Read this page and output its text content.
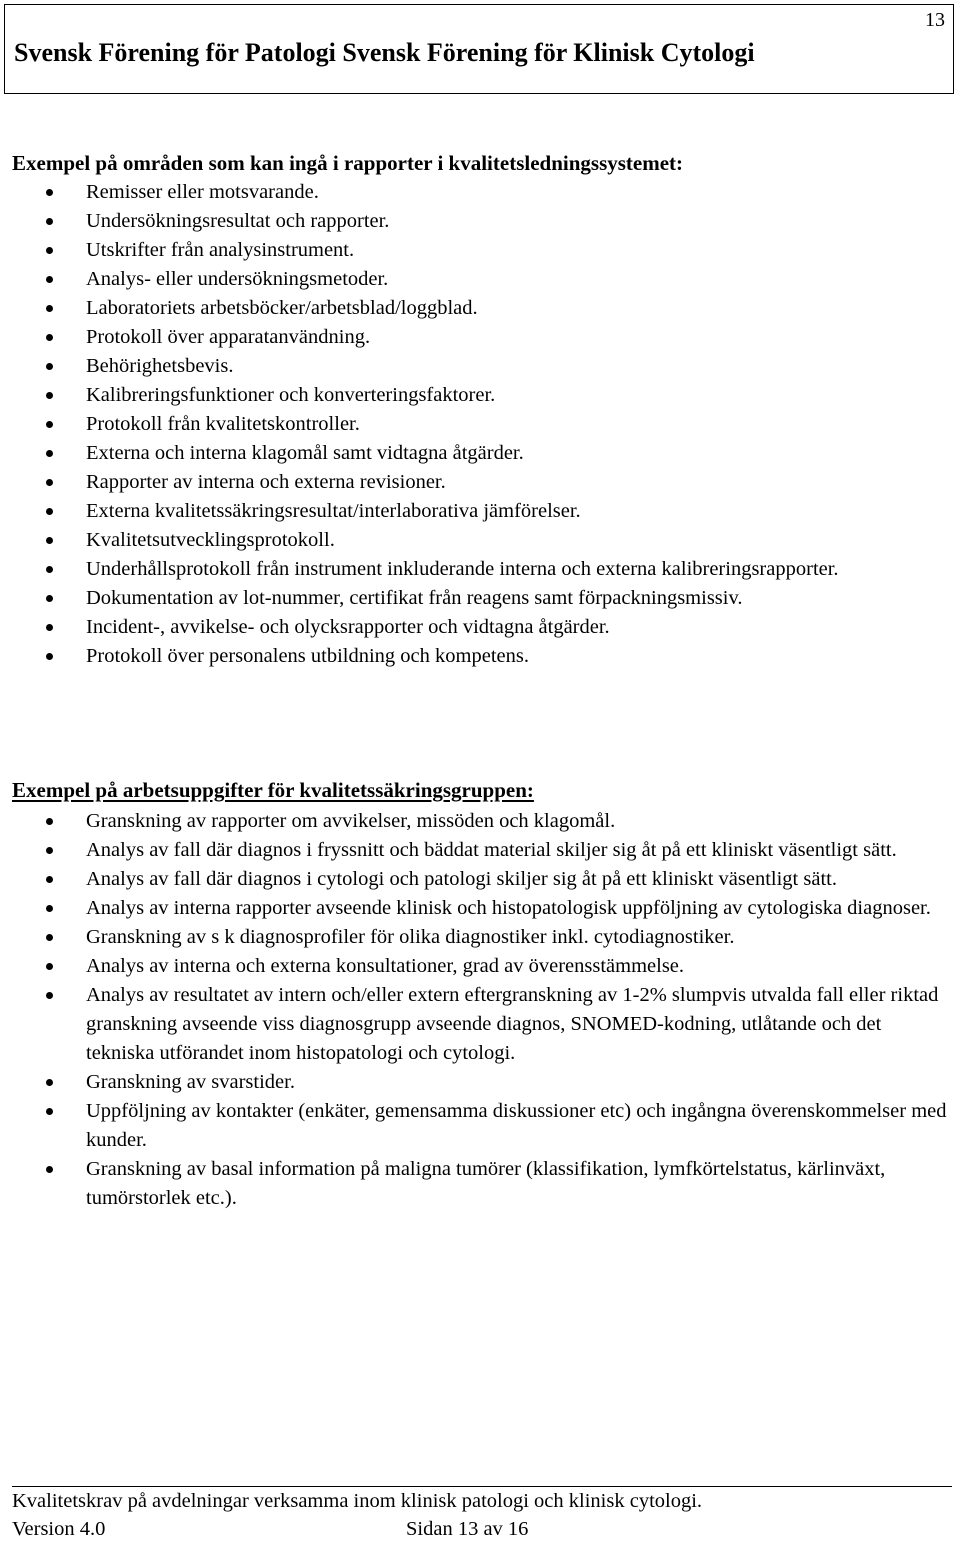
13
Svensk Förening för Patologi Svensk Förening för Klinisk Cytologi

Exempel på områden som kan ingå i rapporter i kvalitetsledningssystemet:

Remisser eller motsvarande.
Undersökningsresultat och rapporter.
Utskrifter från analysinstrument.
Analys- eller undersökningsmetoder.
Laboratoriets arbetsböcker/arbetsblad/loggblad.
Protokoll över apparatanvändning.
Behörighetsbevis.
Kalibreringsfunktioner och konverteringsfaktorer.
Protokoll från kvalitetskontroller.
Externa och interna klagomål samt vidtagna åtgärder.
Rapporter av interna och externa revisioner.
Externa kvalitetssäkringsresultat/interlaborativa jämförelser.
Kvalitetsutvecklingsprotokoll.
Underhållsprotokoll från instrument inkluderande interna och externa kalibreringsrapporter.
Dokumentation av lot-nummer, certifikat från reagens samt förpackningsmissiv.
Incident-, avvikelse- och olycksrapporter och vidtagna åtgärder.
Protokoll över personalens utbildning och kompetens.

Exempel på arbetsuppgifter för kvalitetssäkringsgruppen:

Granskning av rapporter om avvikelser, missöden och klagomål.
Analys av fall där diagnos i fryssnitt och bäddat material skiljer sig åt på ett kliniskt väsentligt sätt.
Analys av fall där diagnos i cytologi och patologi skiljer sig åt på ett kliniskt väsentligt sätt.
Analys av interna rapporter avseende klinisk och histopatologisk uppföljning av cytologiska diagnoser.
Granskning av s k diagnosprofiler för olika diagnostiker inkl. cytodiagnostiker.
Analys av interna och externa konsultationer, grad av överensstämmelse.
Analys av resultatet av intern och/eller extern eftergranskning av 1-2% slumpvis utvalda fall eller riktad granskning avseende viss diagnosgrupp avseende diagnos, SNOMED-kodning, utlåtande och det tekniska utförandet inom histopatologi och cytologi.
Granskning av svarstider.
Uppföljning av kontakter (enkäter, gemensamma diskussioner etc) och ingångna överenskommelser med kunder.
Granskning av basal information på maligna tumörer (klassifikation, lymfkörtelstatus, kärlinväxt, tumörstorlek etc.).
Kvalitetskrav på avdelningar verksamma inom klinisk patologi och klinisk cytologi.
Version 4.0	Sidan 13 av 16
